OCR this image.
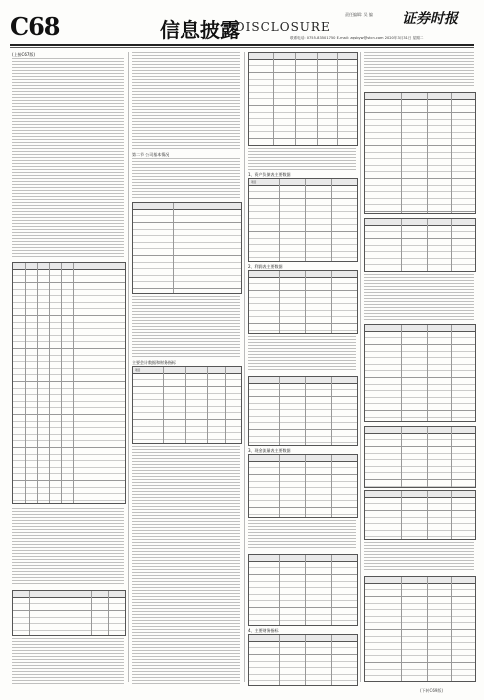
C68	信息披露
DISCLOSURE
责任编辑: 吴 编 证券时报
联系电话: 0755-83501750 E-mail: zqsbyw@stcn.com 2020年3月31日 星期二
(上接C67版)
第二节 公司基本情况
主要会计数据和财务指标
项目
1、资产负债表主要数据
项目
2、利润表主要数据
3、现金流量表主要数据
4、主要财务指标
(下转C69版)
